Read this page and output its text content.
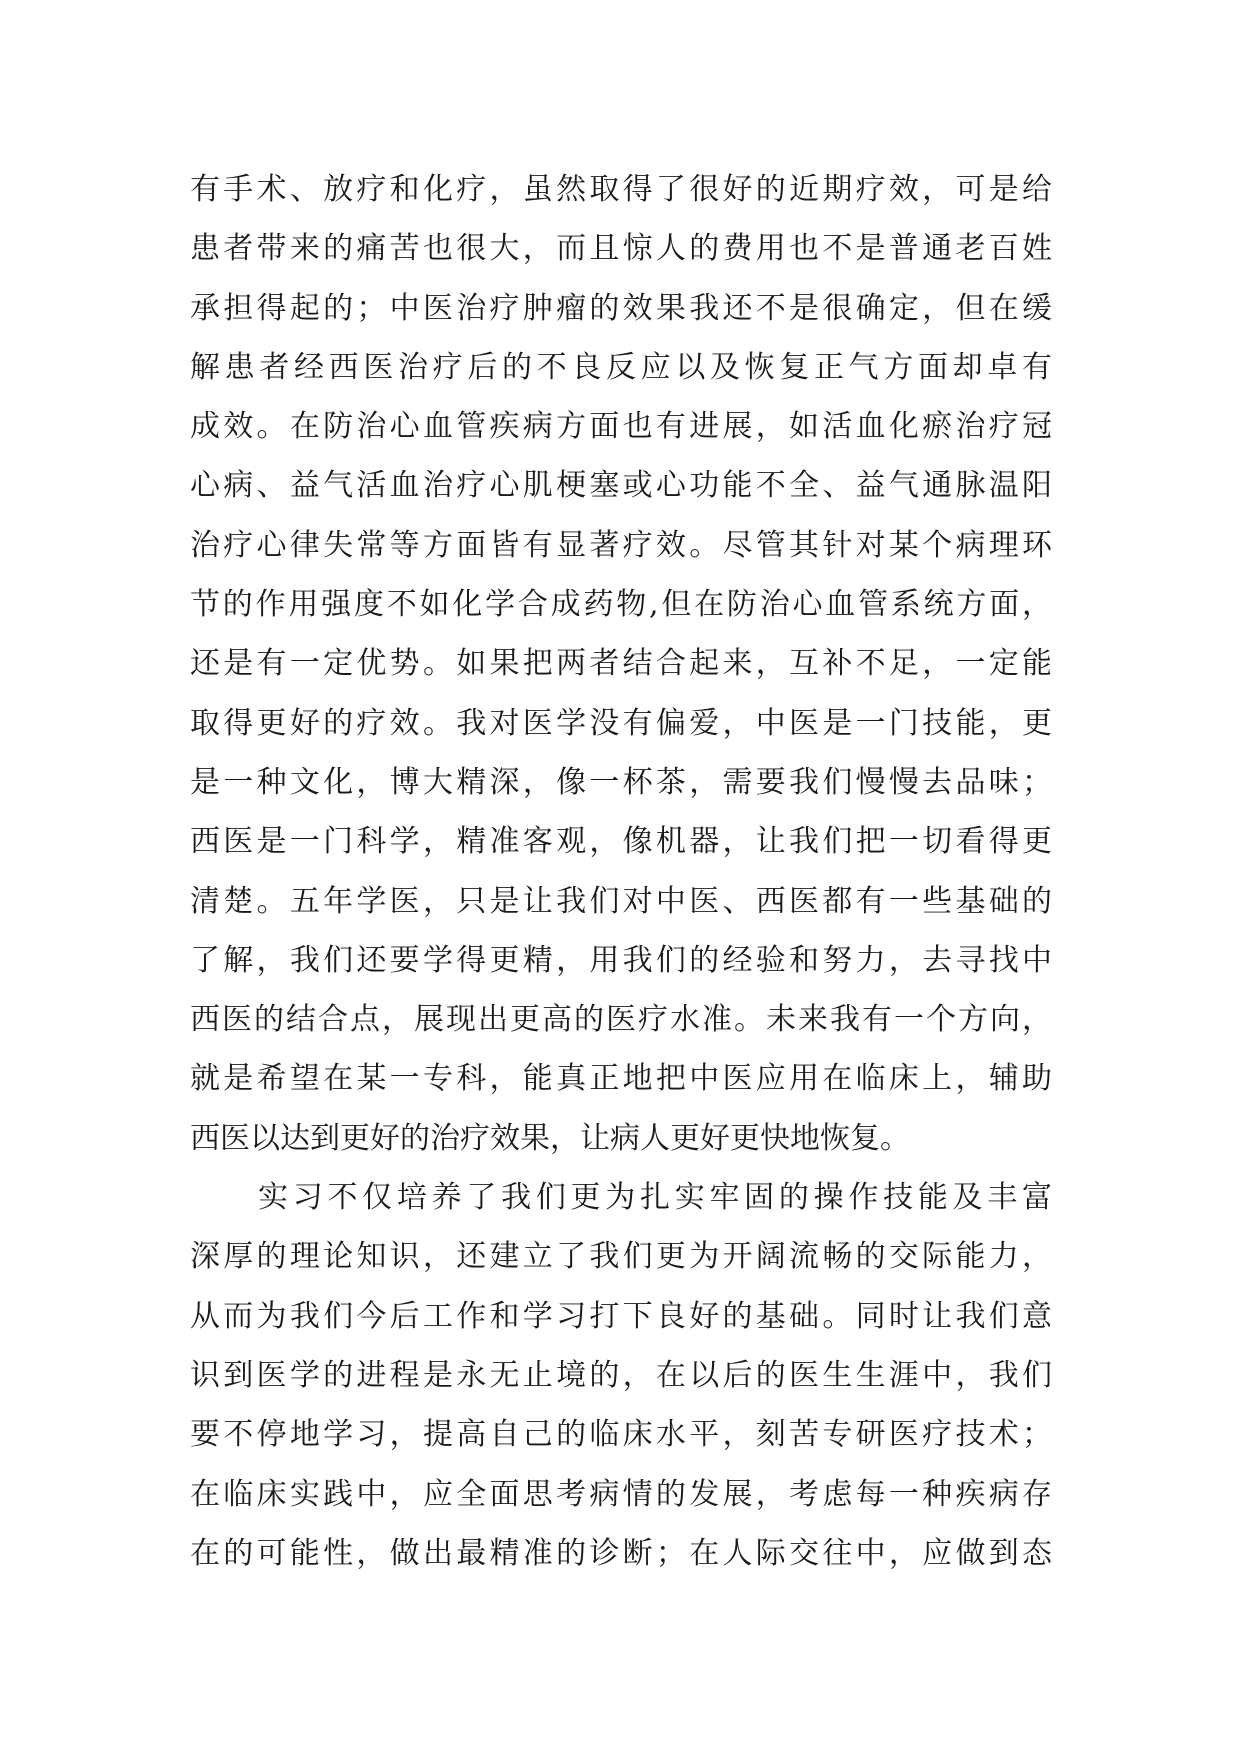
有手术、放疗和化疗，虽然取得了很好的近期疗效，可是给
患者带来的痛苦也很大，而且惊人的费用也不是普通老百姓
承担得起的；中医治疗肿瘤的效果我还不是很确定，但在缓
解患者经西医治疗后的不良反应以及恢复正气方面却卓有
成效。在防治心血管疾病方面也有进展，如活血化瘀治疗冠
心病、益气活血治疗心肌梗塞或心功能不全、益气通脉温阳
治疗心律失常等方面皆有显著疗效。尽管其针对某个病理环
节的作用强度不如化学合成药物,但在防治心血管系统方面，
还是有一定优势。如果把两者结合起来，互补不足，一定能
取得更好的疗效。我对医学没有偏爱，中医是一门技能，更
是一种文化，博大精深，像一杯茶，需要我们慢慢去品味；
西医是一门科学，精准客观，像机器，让我们把一切看得更
清楚。五年学医，只是让我们对中医、西医都有一些基础的
了解，我们还要学得更精，用我们的经验和努力，去寻找中
西医的结合点，展现出更高的医疗水准。未来我有一个方向，
就是希望在某一专科，能真正地把中医应用在临床上，辅助
西医以达到更好的治疗效果，让病人更好更快地恢复。
实习不仅培养了我们更为扎实牢固的操作技能及丰富
深厚的理论知识，还建立了我们更为开阔流畅的交际能力，
从而为我们今后工作和学习打下良好的基础。同时让我们意
识到医学的进程是永无止境的，在以后的医生生涯中，我们
要不停地学习，提高自己的临床水平，刻苦专研医疗技术；
在临床实践中，应全面思考病情的发展，考虑每一种疾病存
在的可能性，做出最精准的诊断；在人际交往中，应做到态
